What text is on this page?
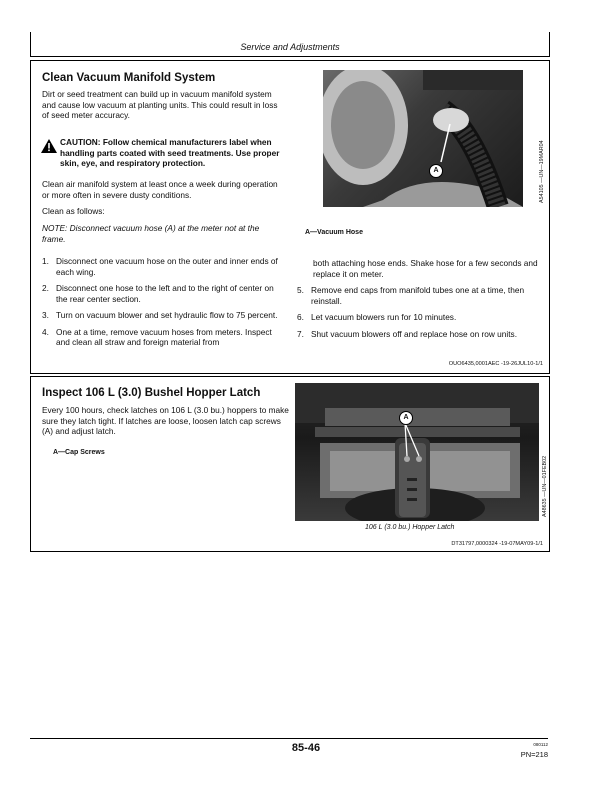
Service and Adjustments
Clean Vacuum Manifold System
Dirt or seed treatment can build up in vacuum manifold system and cause low vacuum at planting units. This could result in loss of seed meter accuracy.
CAUTION: Follow chemical manufacturers label when handling parts coated with seed treatments. Use proper skin, eye, and respiratory protection.
Clean air manifold system at least once a week during operation or more often in severe dusty conditions.
Clean as follows:
NOTE: Disconnect vacuum hose (A) at the meter not at the frame.
1. Disconnect one vacuum hose on the outer and inner ends of each wing.
2. Disconnect one hose to the left and to the right of center on the rear center section.
3. Turn on vacuum blower and set hydraulic flow to 75 percent.
4. One at a time, remove vacuum hoses from meters. Inspect and clean all straw and foreign material from
A	A54105 —UN—19MAR04
A—Vacuum Hose
both attaching hose ends. Shake hose for a few seconds and replace it on meter.
5. Remove end caps from manifold tubes one at a time, then reinstall.
6. Let vacuum blowers run for 10 minutes.
7. Shut vacuum blowers off and replace hose on row units.
OUO6435,0001AEC -19-26JUL10-1/1
Inspect 106 L (3.0) Bushel Hopper Latch
Every 100 hours, check latches on 106 L (3.0 bu.) hoppers to make sure they latch tight. If latches are loose, loosen latch cap screws (A) and adjust latch.
A—Cap Screws
A
A48635 —UN—01FEB02
106 L (3.0 bu.) Hopper Latch
DT31797,0000324 -19-07MAY09-1/1
85-46	080112
PN=218
